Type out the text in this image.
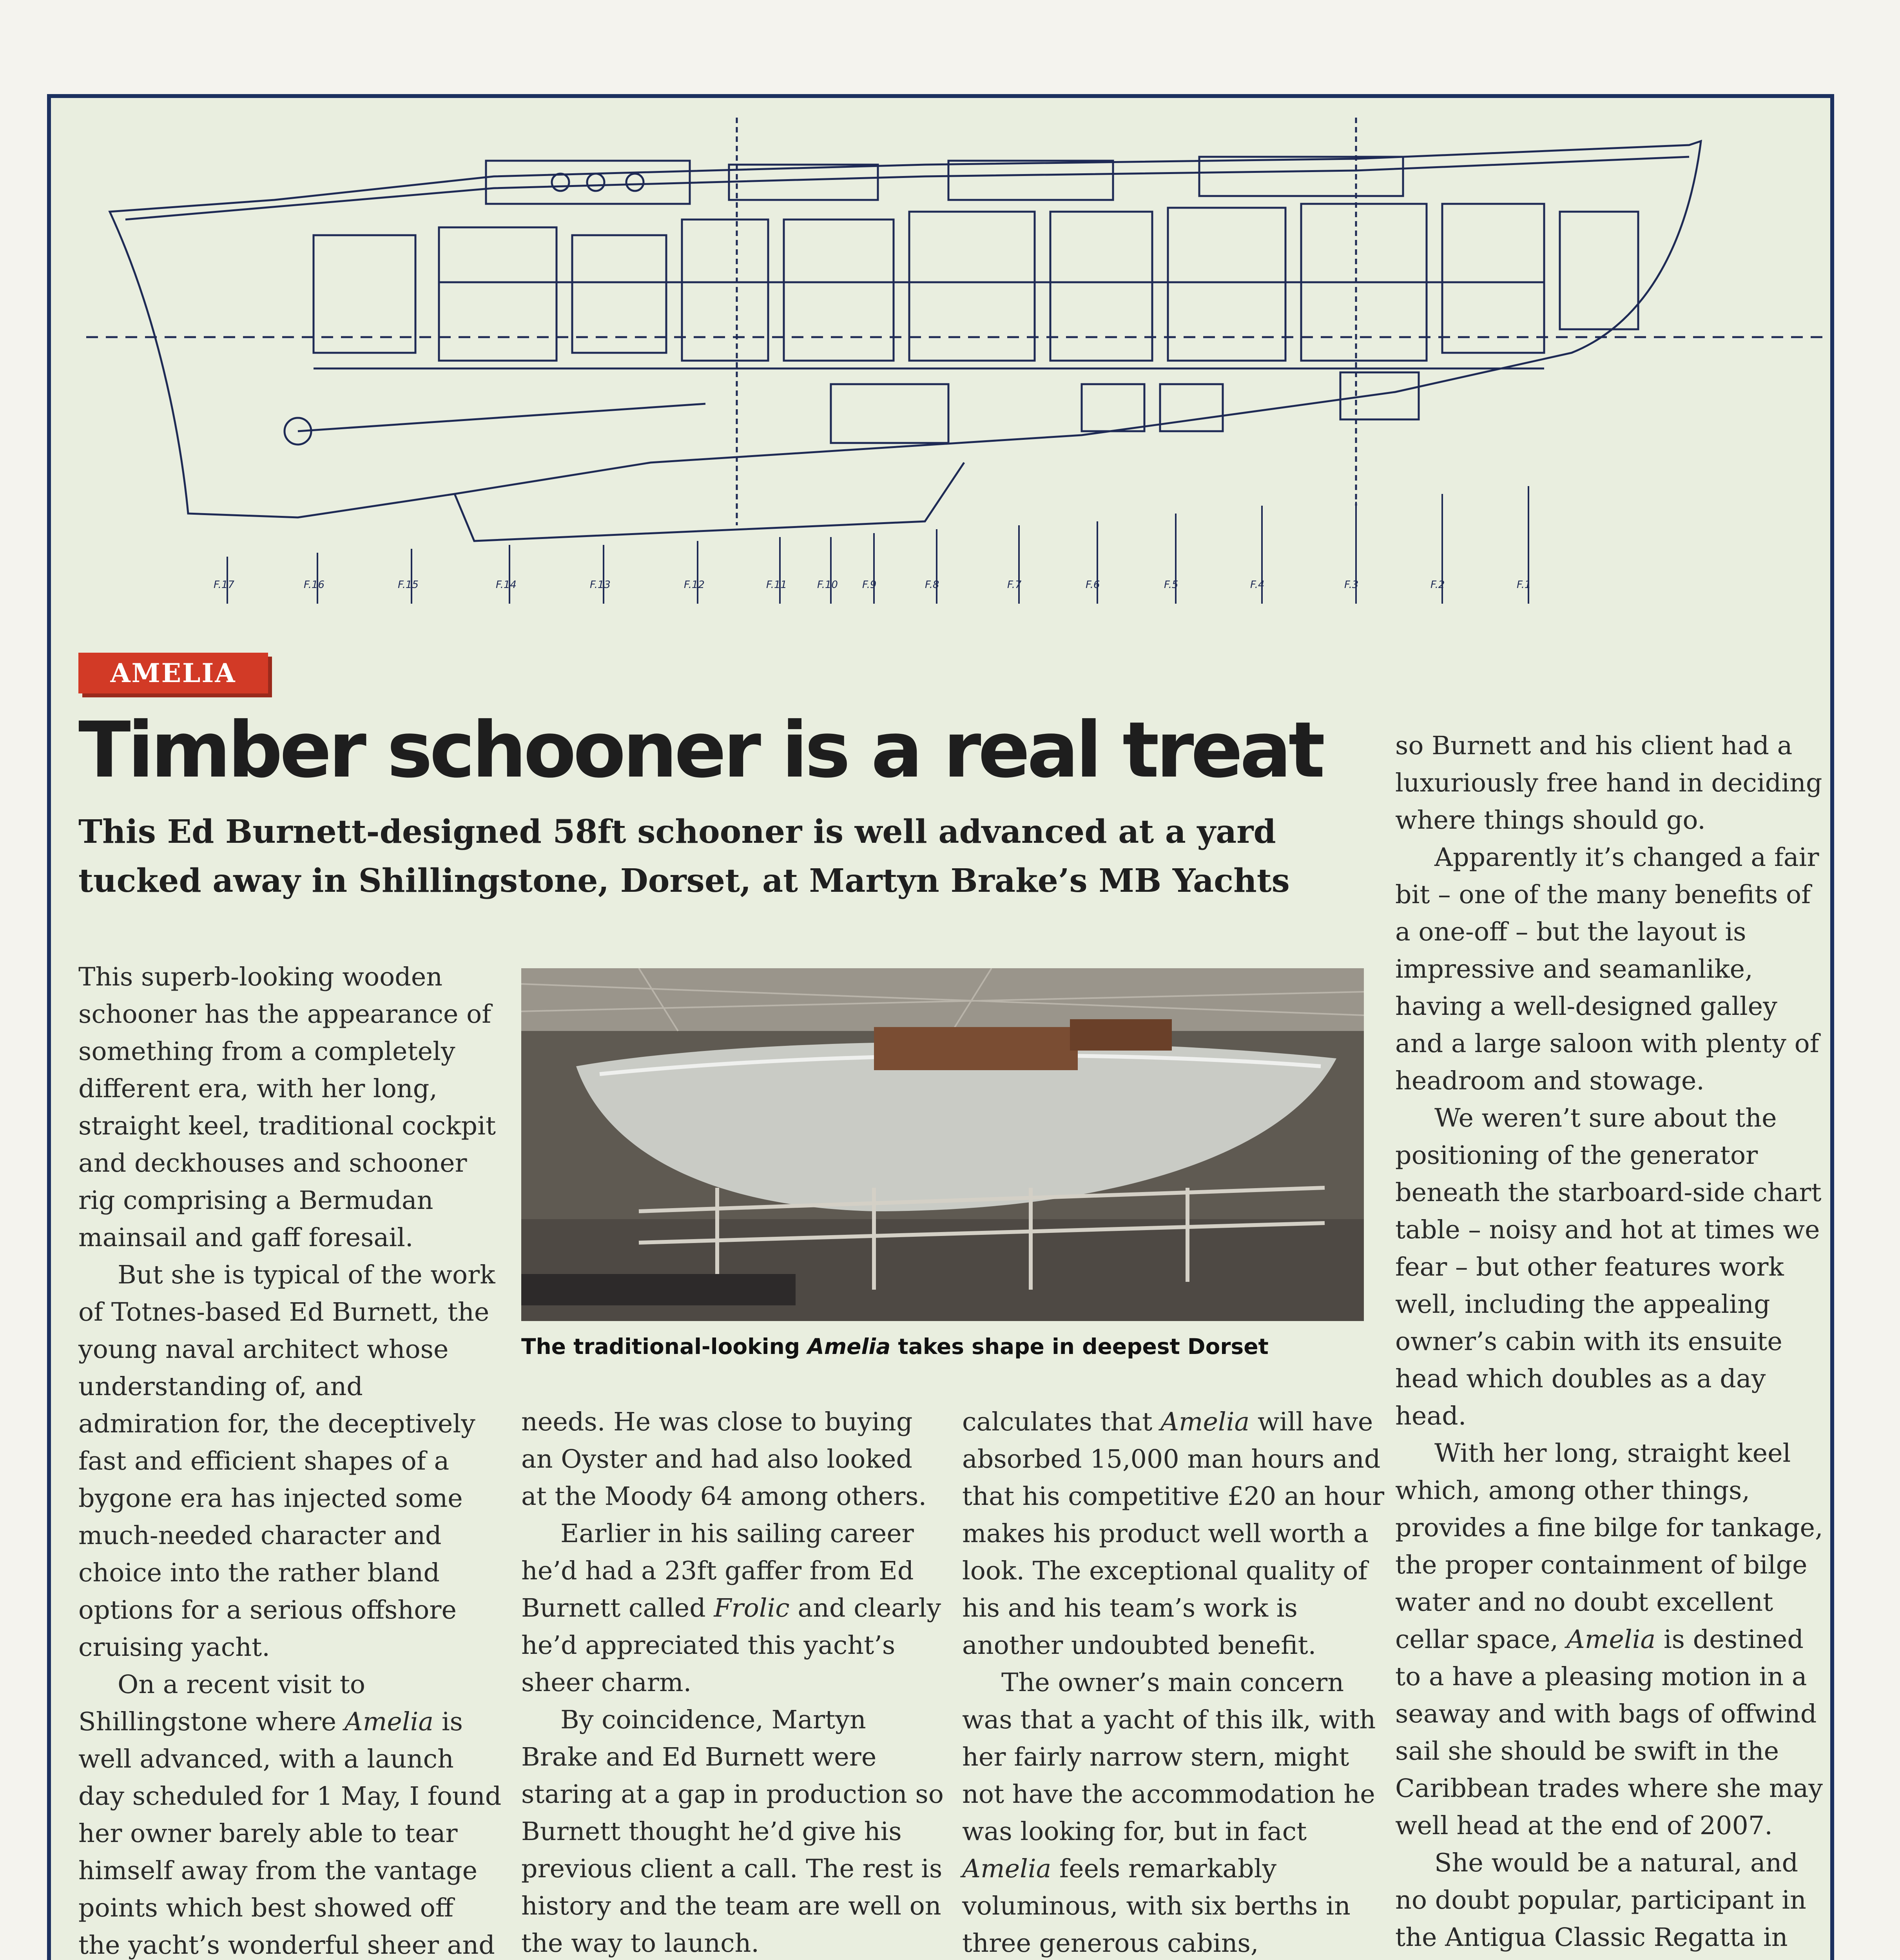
F.17	F.16	F.15	F.14	F.13	F.12	F.11	F.10 F.9	F.8	F.7	F.6	F.5	F.4	F.3	F.2	F.1
AMELIA
Timber schooner is a real treat

This Ed Burnett-designed 58ft schooner is well advanced at a yard tucked away in Shillingstone, Dorset, at Martyn Brake’s MB Yachts

This superb-looking wooden schooner has the appearance of something from a completely different era, with her long, straight keel, traditional cockpit and deckhouses and schooner rig comprising a Bermudan mainsail and gaff foresail.

But she is typical of the work of Totnes-based Ed Burnett, the young naval architect whose understanding of, and admiration for, the deceptively fast and efficient shapes of a bygone era has injected some much-needed character and choice into the rather bland options for a serious offshore cruising yacht.

On a recent visit to Shillingstone where Amelia is well advanced, with a launch day scheduled for 1 May, I found her owner barely able to tear himself away from the vantage points which best showed off the yacht’s wonderful sheer and

The traditional-looking Amelia takes shape in deepest Dorset

needs. He was close to buying an Oyster and had also looked at the Moody 64 among others.

Earlier in his sailing career he’d had a 23ft gaffer from Ed Burnett called Frolic and clearly he’d appreciated this yacht’s sheer charm.

By coincidence, Martyn Brake and Ed Burnett were staring at a gap in production so Burnett thought he’d give his previous client a call. The rest is history and the team are well on the way to launch.

calculates that Amelia will have absorbed 15,000 man hours and that his competitive £20 an hour makes his product well worth a look. The exceptional quality of his and his team’s work is another undoubted benefit.

The owner’s main concern was that a yacht of this ilk, with her fairly narrow stern, might not have the accommodation he was looking for, but in fact Amelia feels remarkably voluminous, with six berths in three generous cabins,

so Burnett and his client had a luxuriously free hand in deciding where things should go.

Apparently it’s changed a fair bit – one of the many benefits of a one-off – but the layout is impressive and seamanlike, having a well-designed galley and a large saloon with plenty of headroom and stowage.

We weren’t sure about the positioning of the generator beneath the starboard-side chart table – noisy and hot at times we fear – but other features work well, including the appealing owner’s cabin with its ensuite head which doubles as a day head.

With her long, straight keel which, among other things, provides a fine bilge for tankage, the proper containment of bilge water and no doubt excellent cellar space, Amelia is destined to a have a pleasing motion in a seaway and with bags of offwind sail she should be swift in the Caribbean trades where she may well head at the end of 2007.

She would be a natural, and no doubt popular, participant in the Antigua Classic Regatta in
